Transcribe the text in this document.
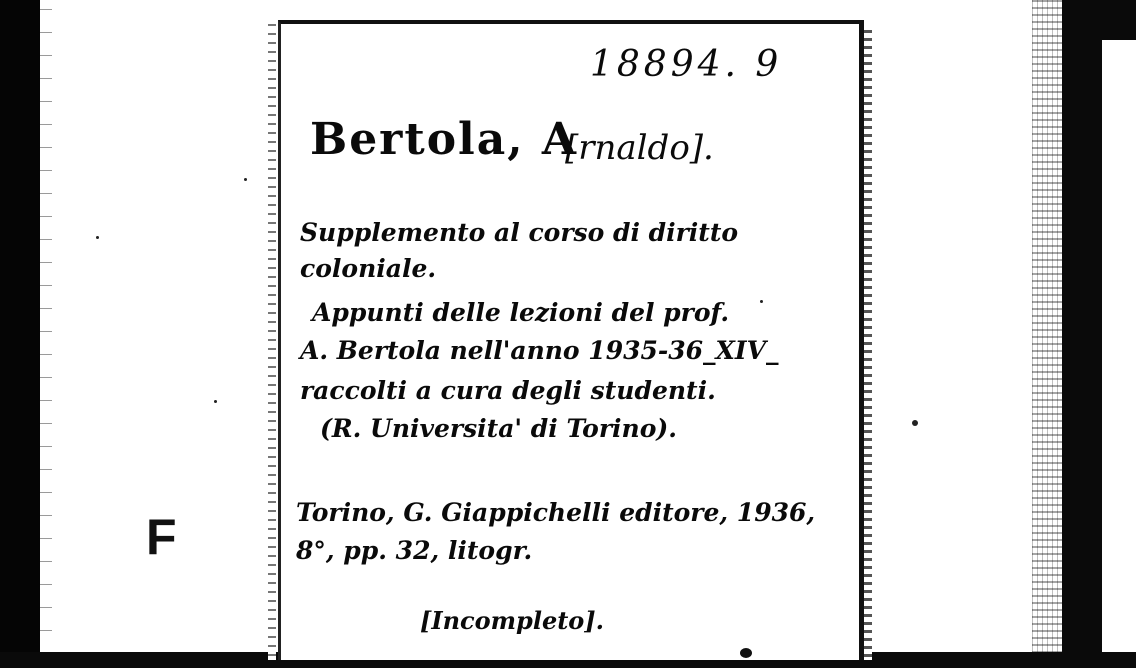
18894. 9
Bertola, A
[rnaldo].
Supplemento al corso di diritto
coloniale.
Appunti delle lezioni del prof.
A. Bertola nell'anno 1935-36_XIV_
raccolti a cura degli studenti.
(R. Universita' di Torino).
Torino, G. Giappichelli editore, 1936,
8°, pp. 32, litogr.
[Incompleto].
F
